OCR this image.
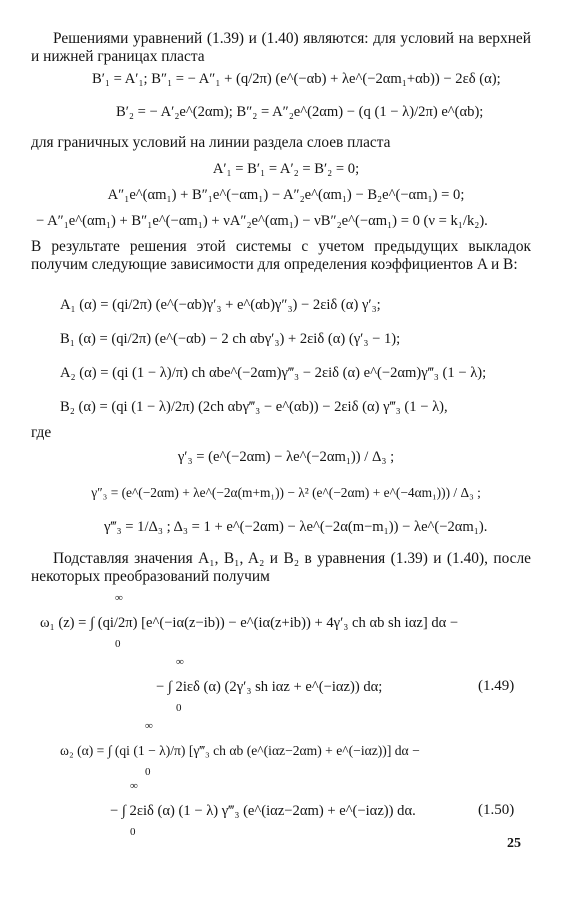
Решениями уравнений (1.39) и (1.40) являются: для условий на верхней и нижней границах пласта
B′₁ = A′₁; B″₁ = − A″₁ + (q/2π) (e^(−αb) + λe^(−2αm₁+αb)) − 2εδ (α);
B′₂ = − A′₂e^(2αm); B″₂ = A″₂e^(2αm) − (q (1 − λ)/2π) e^(αb);
для граничных условий на линии раздела слоев пласта
A′₁ = B′₁ = A′₂ = B′₂ = 0;
A″₁e^(αm₁) + B″₁e^(−αm₁) − A″₂e^(αm₁) − B₂e^(−αm₁) = 0;
− A″₁e^(αm₁) + B″₁e^(−αm₁) + νA″₂e^(αm₁) − νB″₂e^(−αm₁) = 0 (ν = k₁/k₂).
В результате решения этой системы с учетом предыдущих выкладок получим следующие зависимости для определения коэффициентов A и B:
A₁ (α) = (qi/2π) (e^(−αb)γ′₃ + e^(αb)γ″₃) − 2εiδ (α) γ′₃;
B₁ (α) = (qi/2π) (e^(−αb) − 2 ch αbγ′₃) + 2εiδ (α) (γ′₃ − 1);
A₂ (α) = (qi (1 − λ)/π) ch αbe^(−2αm)γ‴₃ − 2εiδ (α) e^(−2αm)γ‴₃ (1 − λ);
B₂ (α) = (qi (1 − λ)/2π) (2ch αbγ‴₃ − e^(αb)) − 2εiδ (α) γ‴₃ (1 − λ),
где
γ′₃ = (e^(−2αm) − λe^(−2αm₁)) / Δ₃ ;
γ″₃ = (e^(−2αm) + λe^(−2α(m+m₁)) − λ² (e^(−2αm) + e^(−4αm₁))) / Δ₃ ;
γ‴₃ = 1/Δ₃ ; Δ₃ = 1 + e^(−2αm) − λe^(−2α(m−m₁)) − λe^(−2αm₁).
Подставляя значения A₁, B₁, A₂ и B₂ в уравнения (1.39) и (1.40), после некоторых преобразований получим
∞
0
ω₁ (z) = ∫ (qi/2π) [e^(−iα(z−ib)) − e^(iα(z+ib)) + 4γ′₃ ch αb sh iαz] dα −
∞
0
− ∫ 2iεδ (α) (2γ′₃ sh iαz + e^(−iαz)) dα;	(1.49)
∞
0
ω₂ (α) = ∫ (qi (1 − λ)/π) [γ‴₃ ch αb (e^(iαz−2αm) + e^(−iαz))] dα −
∞
0
− ∫ 2εiδ (α) (1 − λ) γ‴₃ (e^(iαz−2αm) + e^(−iαz)) dα.	(1.50)
25
